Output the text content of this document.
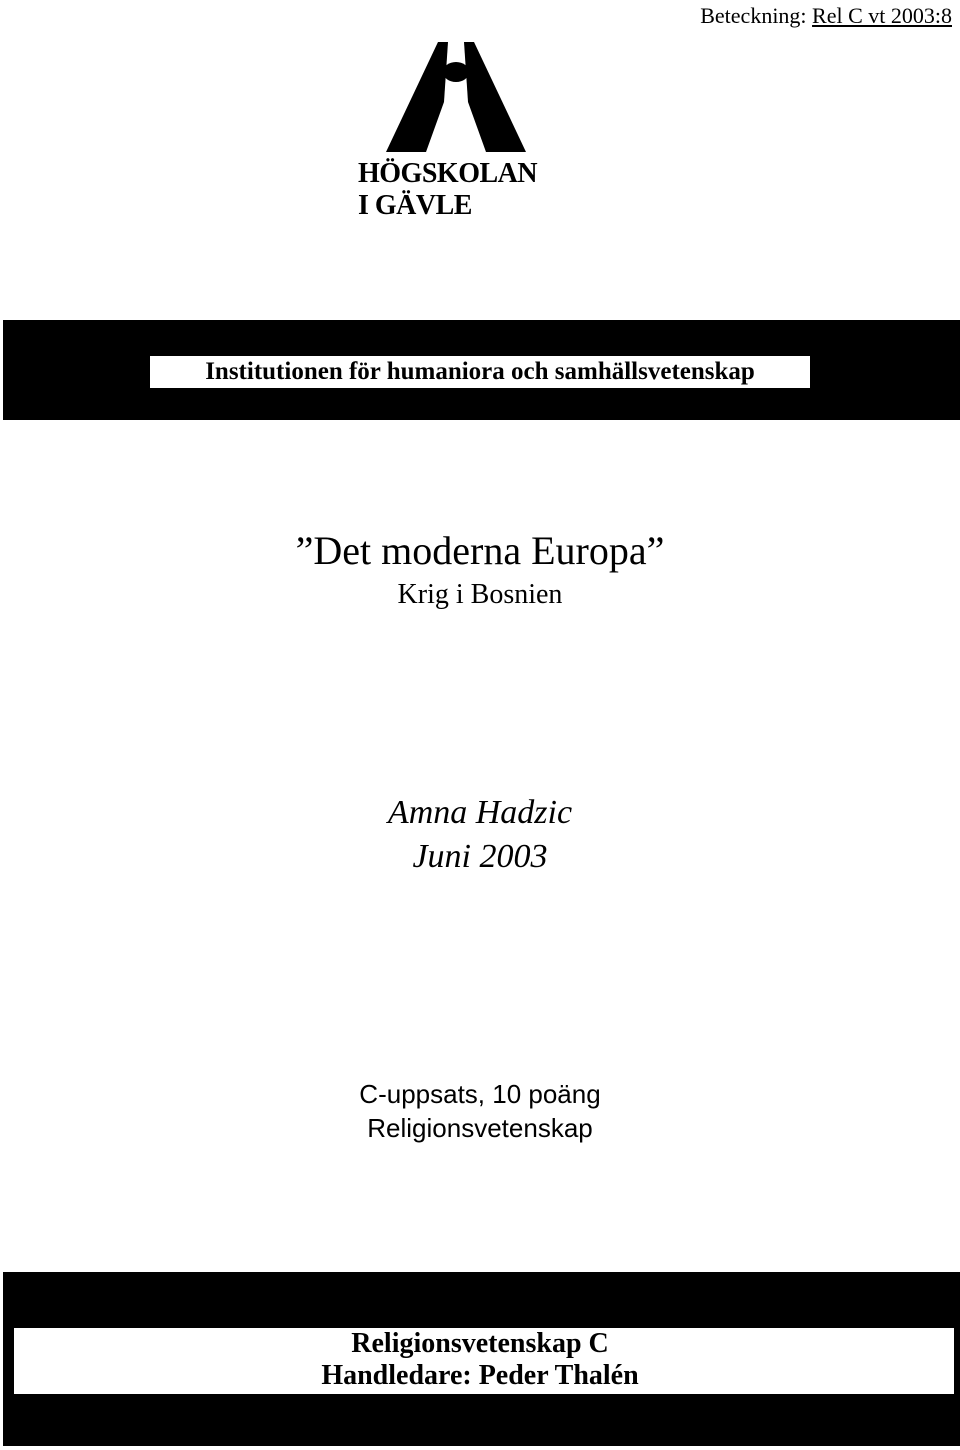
Beteckning: Rel C vt 2003:8
HÖGSKOLAN
I GÄVLE
Institutionen för humaniora och samhällsvetenskap
”Det moderna Europa”
Krig i Bosnien
Amna Hadzic
Juni 2003
C-uppsats, 10 poäng
Religionsvetenskap
Religionsvetenskap C
Handledare: Peder Thalén
